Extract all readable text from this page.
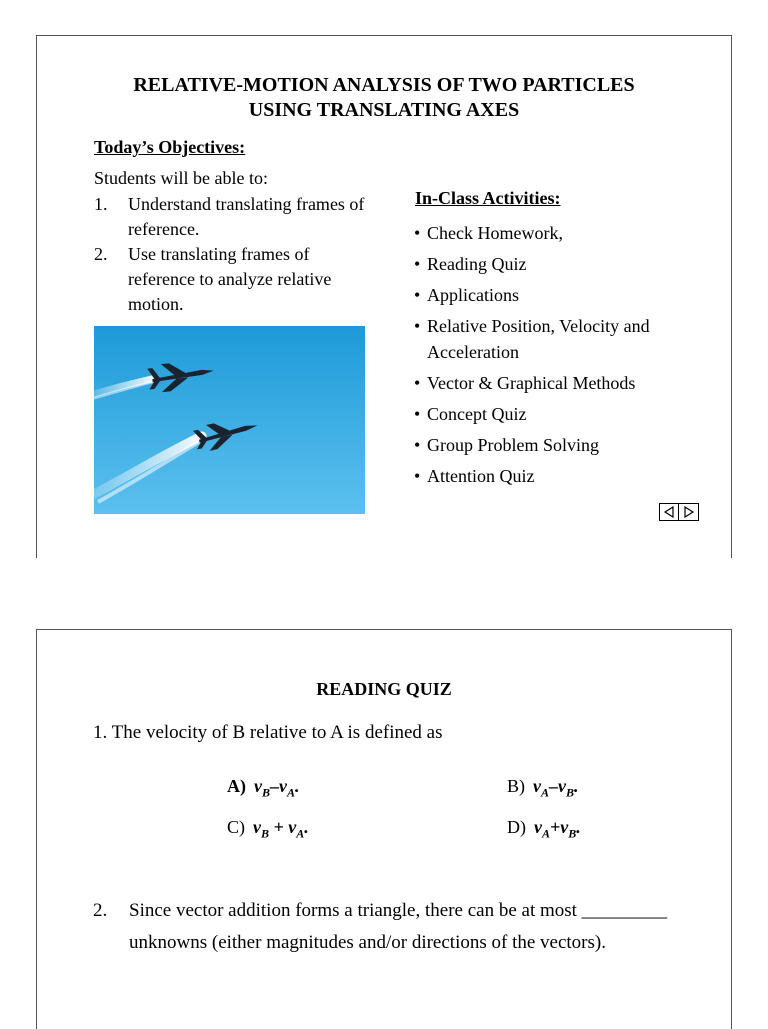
RELATIVE-MOTION ANALYSIS OF TWO PARTICLES
USING TRANSLATING AXES
Today’s Objectives:
Students will be able to:
1.	Understand translating frames of reference.
2.	Use translating frames of reference to analyze relative motion.
In-Class Activities:
• Check Homework,
• Reading Quiz
• Applications
• Relative Position, Velocity and
Acceleration
• Vector & Graphical Methods
• Concept Quiz
• Group Problem Solving
• Attention Quiz
READING QUIZ
1. The velocity of B relative to A is defined as
A) $v_B-v_A$.	B) $v_A-v_B$.
C) $v_B + v_A$.	D) $v_A+v_B$.
2.	Since vector addition forms a triangle, there can be at most _________ unknowns (either magnitudes and/or directions of the vectors).
